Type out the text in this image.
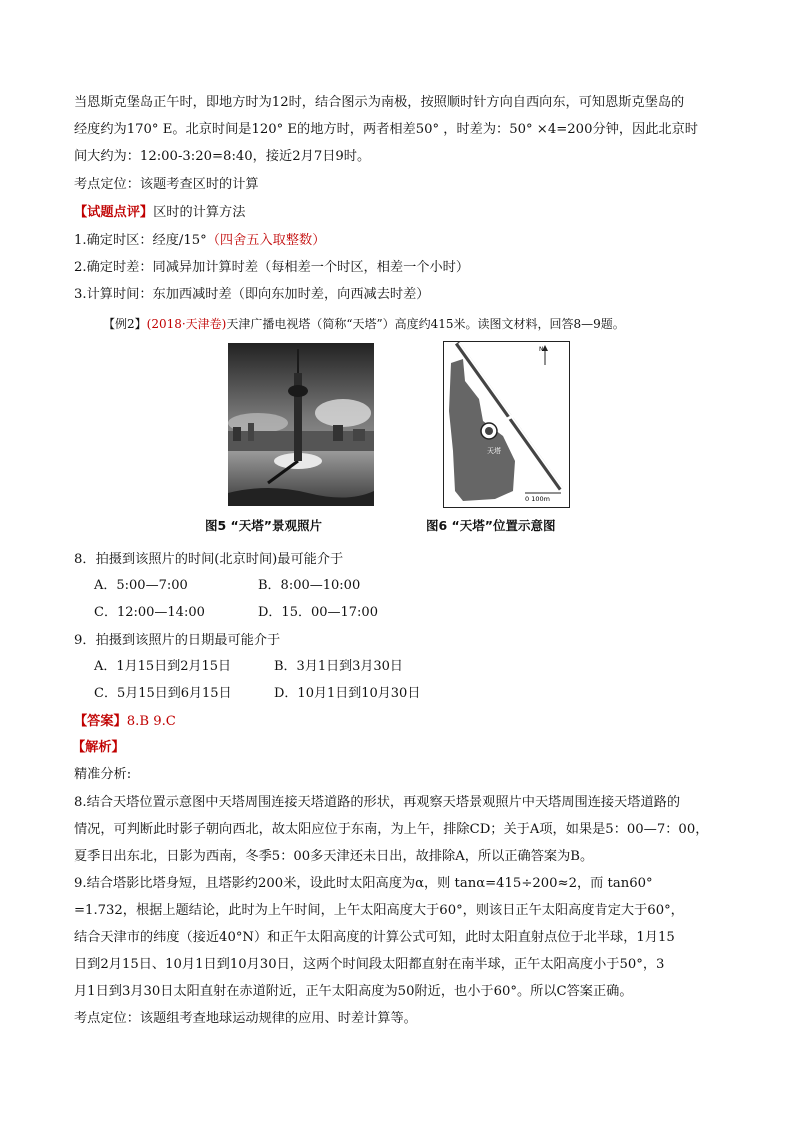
当恩斯克堡岛正午时，即地方时为12时，结合图示为南极，按照顺时针方向自西向东，可知恩斯克堡岛的
经度约为170° E。北京时间是120° E的地方时，两者相差50° ，时差为：50° ×4=200分钟，因此北京时
间大约为：12:00-3:20=8:40，接近2月7日9时。
考点定位：该题考查区时的计算
【试题点评】区时的计算方法
1.确定时区：经度/15°（四舍五入取整数）
2.确定时差：同减异加计算时差（每相差一个时区，相差一个小时）
3.计算时间：东加西减时差（即向东加时差，向西减去时差）
【例2】(2018·天津卷)天津广播电视塔（简称“天塔”）高度约415米。读图文材料，回答8—9题。
N
天塔
0 100m
图5 “天塔”景观照片	图6 “天塔”位置示意图
8．拍摄到该照片的时间(北京时间)最可能介于
A．5:00—7:00	B．8:00—10:00
C．12:00—14:00	D．15．00—17:00
9．拍摄到该照片的日期最可能介于
A．1月15日到2月15日	B．3月1日到3月30日
C．5月15日到6月15日	D．10月1日到10月30日
【答案】8.B 9.C
【解析】
精准分析:
8.结合天塔位置示意图中天塔周围连接天塔道路的形状，再观察天塔景观照片中天塔周围连接天塔道路的
情况，可判断此时影子朝向西北，故太阳应位于东南，为上午，排除CD；关于A项，如果是5：00—7：00，
夏季日出东北，日影为西南，冬季5：00多天津还未日出，故排除A，所以正确答案为B。
9.结合塔影比塔身短，且塔影约200米，设此时太阳高度为α，则 tanα=415÷200≈2，而 tan60°
=1.732，根据上题结论，此时为上午时间，上午太阳高度大于60°，则该日正午太阳高度肯定大于60°，
结合天津市的纬度（接近40°N）和正午太阳高度的计算公式可知，此时太阳直射点位于北半球，1月15
日到2月15日、10月1日到10月30日，这两个时间段太阳都直射在南半球，正午太阳高度小于50°，3
月1日到3月30日太阳直射在赤道附近，正午太阳高度为50附近，也小于60°。所以C答案正确。
考点定位：该题组考查地球运动规律的应用、时差计算等。
